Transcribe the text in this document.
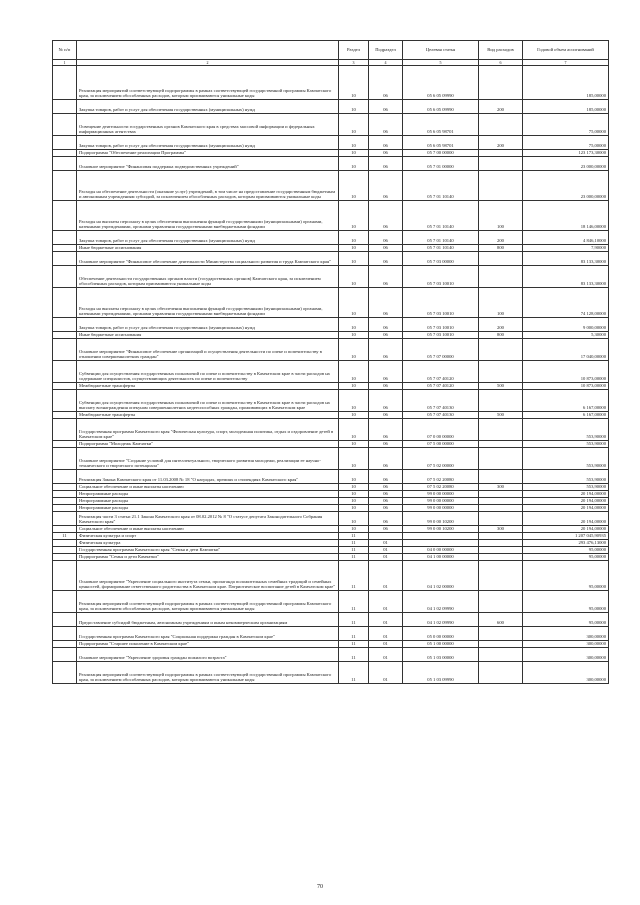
№ п/п		Раздел	Подраздел	Целевая статья	Вид расходов	Годовой объем ассигнований
1	2	3	4	5	6	7
	Реализация мероприятий соответствующей подпрограммы в рамках соответствующей государственной программы Камчатского края, за исключением обособленных расходов, которым присваиваются уникальные коды	10	06	05 6 05 09990		185,00000
	Закупка товаров, работ и услуг для обеспечения государственных (муниципальных) нужд	10	06	05 6 05 09990	200	185,00000
	Освещение деятельности государственных органов Камчатского края в средствах массовой информации и федеральных информационных агентствах	10	06	05 6 05 98701		75,00000
	Закупка товаров, работ и услуг для обеспечения государственных (муниципальных) нужд	10	06	05 6 05 98701	200	75,00000
	Подпрограмма "Обеспечение реализации Программы"	10	06	05 7 00 00000		123 173,30000
	Основное мероприятие "Финансовая поддержка подведомственных учреждений"	10	06	05 7 01 00000		23 000,00000
	Расходы на обеспечение деятельности (оказание услуг) учреждений, в том числе на предоставление государственным бюджетным и автономным учреждениям субсидий, за исключением обособленных расходов, которым присваиваются уникальные коды	10	06	05 7 01 10140		23 000,00000
	Расходы на выплаты персоналу в целях обеспечения выполнения функций государственными (муниципальными) органами, казенными учреждениями, органами управления государственными внебюджетными фондами	10	06	05 7 01 10140	100	18 146,00000
	Закупка товаров, работ и услуг для обеспечения государственных (муниципальных) нужд	10	06	05 7 01 10140	200	4 846,10000
	Иные бюджетные ассигнования	10	06	05 7 01 10140	800	7,90000
	Основное мероприятие "Финансовое обеспечение деятельности Министерства социального развития и труда Камчатского края"	10	06	05 7 03 00000		83 133,30000
	Обеспечение деятельности государственных органов власти (государственных органов) Камчатского края, за исключением обособленных расходов, которым присваиваются уникальные коды	10	06	05 7 03 10010		83 133,30000
	Расходы на выплаты персоналу в целях обеспечения выполнения функций государственными (муниципальными) органами, казенными учреждениями, органами управления государственными внебюджетными фондами	10	06	05 7 03 10010	100	74 128,00000
	Закупка товаров, работ и услуг для обеспечения государственных (муниципальных) нужд	10	06	05 7 03 10010	200	9 000,00000
	Иные бюджетные ассигнования	10	06	05 7 03 10010	800	5,30000
	Основное мероприятие "Финансовое обеспечение организаций и осуществления деятельности по опеке и попечительству в отношении совершеннолетних граждан"	10	06	05 7 07 00000		17 040,00000
	Субвенции для осуществления государственных полномочий по опеке и попечительству в Камчатском крае в части расходов на содержание специалистов, осуществляющих деятельность по опеке и попечительству	10	06	05 7 07 40120		10 873,00000
	Межбюджетные трансферты	10	06	05 7 07 40120	500	10 873,00000
	Субвенции для осуществления государственных полномочий по опеке и попечительству в Камчатском крае в части расходов на выплату вознаграждения опекунам совершеннолетних недееспособных граждан, проживающих в Камчатском крае	10	06	05 7 07 40130		6 167,00000
	Межбюджетные трансферты	10	06	05 7 07 40130	500	6 167,00000
	Государственная программа Камчатского края "Физическая культура, спорт, молодежная политика, отдых и оздоровление детей в Камчатском крае"	10	06	07 0 00 00000		553,90000
	Подпрограмма "Молодежь Камчатки"	10	06	07 5 00 00000		553,90000
	Основное мероприятие "Создание условий для интеллектуального, творческого развития молодежи, реализации ее научно-технического и творческого потенциала"	10	06	07 5 02 00000		553,90000
	Реализация Закона Камчатского края от 11.03.2008 № 18 "О наградах, премиях и стипендиях Камчатского края"	10	06	07 5 02 20080		553,90000
	Социальное обеспечение и иные выплаты населению	10	06	07 5 02 20080	300	553,90000
	Непрограммные расходы	10	06	99 0 00 00000		20 194,00000
	Непрограммные расходы	10	06	99 0 00 00000		20 194,00000
	Непрограммные расходы	10	06	99 0 00 00000		20 194,00000
	Реализация части 3 статьи 21.1 Закона Камчатского края от 08.02.2012 № 8 "О статусе депутата Законодательного Собрания Камчатского края"	10	06	99 0 00 10200		20 194,00000
	Социальное обеспечение и иные выплаты населению	10	06	99 0 00 10200	300	20 194,00000
11	Физическая культура и спорт	11				1 207 045,90935
	Физическая культура	11	01			293 476,13000
	Государственная программа Камчатского края "Семья и дети Камчатки"	11	01	04 0 00 00000		95,00000
	Подпрограмма "Семья и дети Камчатки"	11	01	04 1 00 00000		95,00000
	Основное мероприятие "Укрепление социального института семьи, пропаганда положительных семейных традиций и семейных ценностей, формирование ответственного родительства в Камчатском крае. Патриотическое воспитание детей в Камчатском крае"	11	01	04 1 02 00000		95,00000
	Реализация мероприятий соответствующей подпрограммы в рамках соответствующей государственной программы Камчатского края, за исключением обособленных расходов, которым присваиваются уникальные коды	11	01	04 1 02 09990		95,00000
	Предоставление субсидий бюджетным, автономным учреждениям и иным некоммерческим организациям	11	01	04 1 02 09990	600	95,00000
	Государственная программа Камчатского края "Социальная поддержка граждан в Камчатском крае"	11	01	05 0 00 00000		300,00000
	Подпрограмма "Старшее поколение в Камчатском крае"	11	01	05 1 00 00000		300,00000
	Основное мероприятие "Укрепление здоровья граждан пожилого возраста"	11	01	05 1 03 00000		300,00000
	Реализация мероприятий соответствующей подпрограммы в рамках соответствующей государственной программы Камчатского края, за исключением обособленных расходов, которым присваиваются уникальные коды	11	01	05 1 03 09990		300,00000
70
